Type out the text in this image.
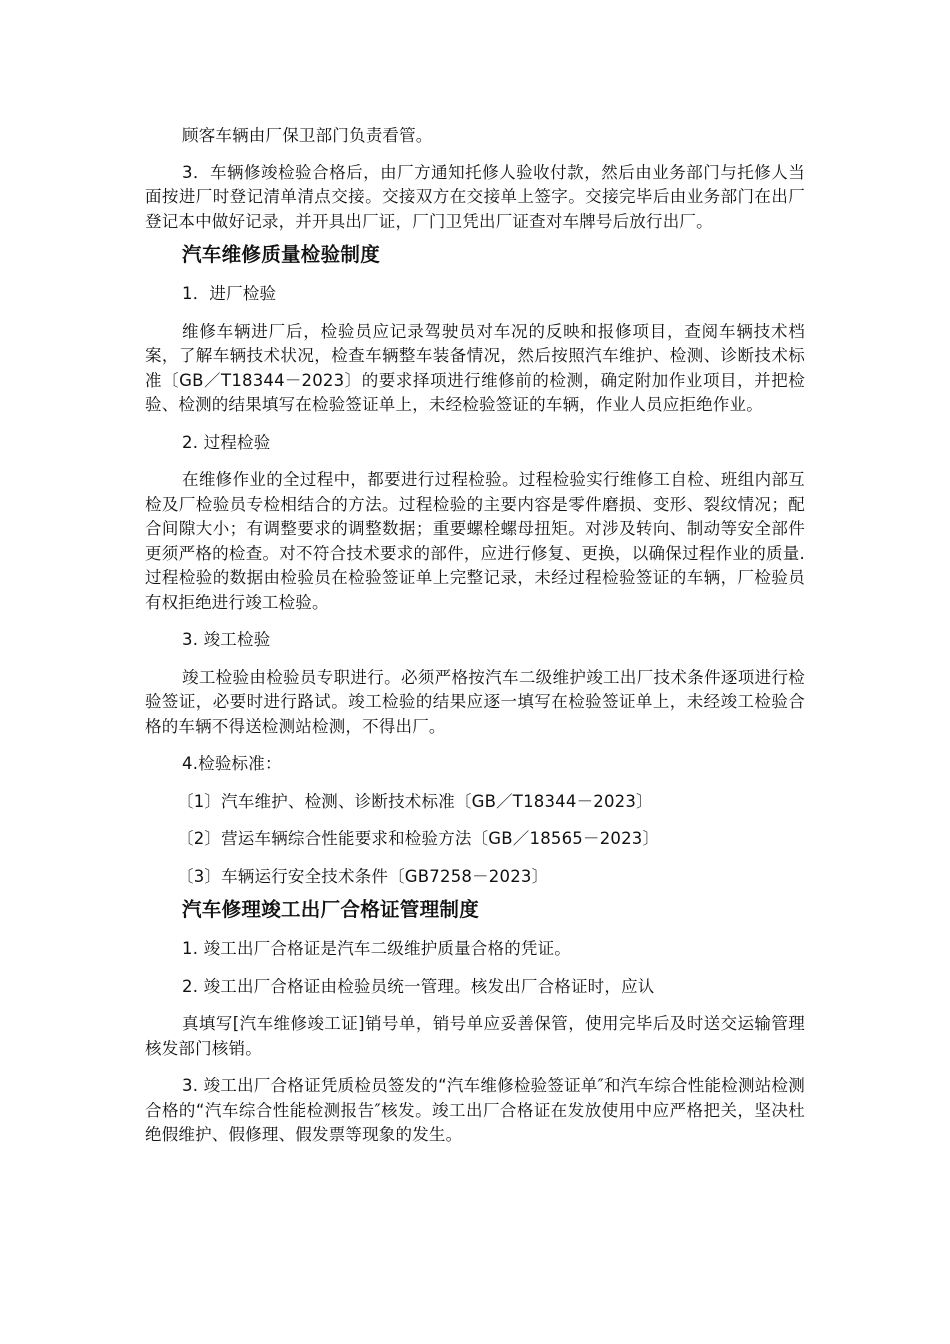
顾客车辆由厂保卫部门负责看管。

3．车辆修竣检验合格后，由厂方通知托修人验收付款，然后由业务部门与托修人当面按进厂时登记清单清点交接。交接双方在交接单上签字。交接完毕后由业务部门在出厂登记本中做好记录，并开具出厂证，厂门卫凭出厂证查对车牌号后放行出厂。

汽车维修质量检验制度

1．进厂检验

维修车辆进厂后，检验员应记录驾驶员对车况的反映和报修项目，查阅车辆技术档案，了解车辆技术状况，检查车辆整车装备情况，然后按照汽车维护、检测、诊断技术标准〔GB／T18344－2023〕的要求择项进行维修前的检测，确定附加作业项目，并把检验、检测的结果填写在检验签证单上，未经检验签证的车辆，作业人员应拒绝作业。

2. 过程检验

在维修作业的全过程中，都要进行过程检验。过程检验实行维修工自检、班组内部互检及厂检验员专检相结合的方法。过程检验的主要内容是零件磨损、变形、裂纹情况；配合间隙大小；有调整要求的调整数据；重要螺栓螺母扭矩。对涉及转向、制动等安全部件更须严格的检查。对不符合技术要求的部件，应进行修复、更换，以确保过程作业的质量.过程检验的数据由检验员在检验签证单上完整记录，未经过程检验签证的车辆，厂检验员有权拒绝进行竣工检验。

3. 竣工检验

竣工检验由检验员专职进行。必须严格按汽车二级维护竣工出厂技术条件逐项进行检验签证，必要时进行路试。竣工检验的结果应逐一填写在检验签证单上，未经竣工检验合格的车辆不得送检测站检测，不得出厂。

4.检验标准：

〔1〕汽车维护、检测、诊断技术标准〔GB／T18344－2023〕

〔2〕营运车辆综合性能要求和检验方法〔GB／18565－2023〕

〔3〕车辆运行安全技术条件〔GB7258－2023〕

汽车修理竣工出厂合格证管理制度

1. 竣工出厂合格证是汽车二级维护质量合格的凭证。

2. 竣工出厂合格证由检验员统一管理。核发出厂合格证时，应认

真填写[汽车维修竣工证]销号单，销号单应妥善保管，使用完毕后及时送交运输管理核发部门核销。

3. 竣工出厂合格证凭质检员签发的“汽车维修检验签证单″和汽车综合性能检测站检测合格的“汽车综合性能检测报告″核发。竣工出厂合格证在发放使用中应严格把关，坚决杜绝假维护、假修理、假发票等现象的发生。
